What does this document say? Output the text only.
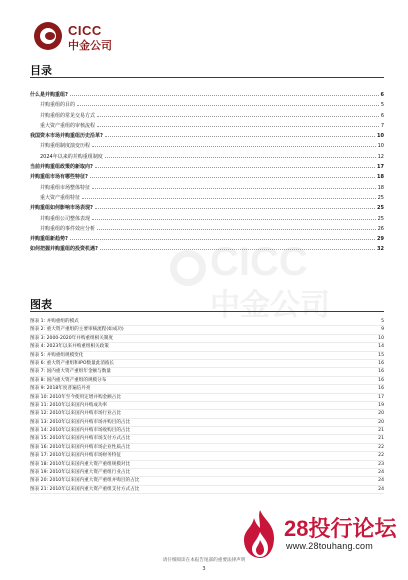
CICC
中金公司
目录
什么是并购重组?	6
并购重组的目的	5
并购重组的常见交易方式	6
重大资产重组的审核流程	7
我国资本市场并购重组历史沿革?	10
并购重组制度演变历程	10
2024年以来的并购重组制度	12
当前并购重组政策的新取向?	17
并购重组市场有哪些特征?	18
并购重组市场整体特征	18
重大资产重组特征	25
并购重组如何影响市场表现?	25
并购重组公司整体表现	25
并购重组的事件效应分析	26
并购重组新趋势?	29
如何把握并购重组的投资机遇?	32
CICC
中金公司
图表
图表 1: 并购重组的模式	5
图表 2: 重大资产重组的主要审核流程(如成功)	9
图表 3: 2000-2020年并购重组相关制度	10
图表 4: 2023年以来并购重组相关政策	14
图表 5: 并购重组规模变化	15
图表 6: 重大资产重组和IPO数量此消彼长	16
图表 7: 国内重大资产重组年金额与数量	16
图表 8: 国内重大资产重组的规模分布	16
图表 9: 2018年度普遍信丹亮	16
图表 10: 2010年至今使用定增并购金额占比	17
图表 11: 2010年以来国内并购成功率	19
图表 12: 2010年以来国内并购市场行业占比	20
图表 13: 2010年以来国内并购市场并购目的占比	20
图表 14: 2010年以来国内并购市场收购目的占比	21
图表 15: 2010年以来国内并购市场支付方式占比	21
图表 16: 2010年以来国内并购市场企业性质占比	22
图表 17: 2010年以来国内并购市场财务特征	22
图表 18: 2010年以来国内重大资产重组规模对比	23
图表 19: 2010年以来国内重大资产重组行业占比	24
图表 20: 2010年以来国内重大资产重组并购目的占比	24
图表 21: 2010年以来国内重大资产重组支付方式占比	24
28投行论坛
www.28touhang.com
请仔细阅读在本报告尾部的重要法律声明
3
